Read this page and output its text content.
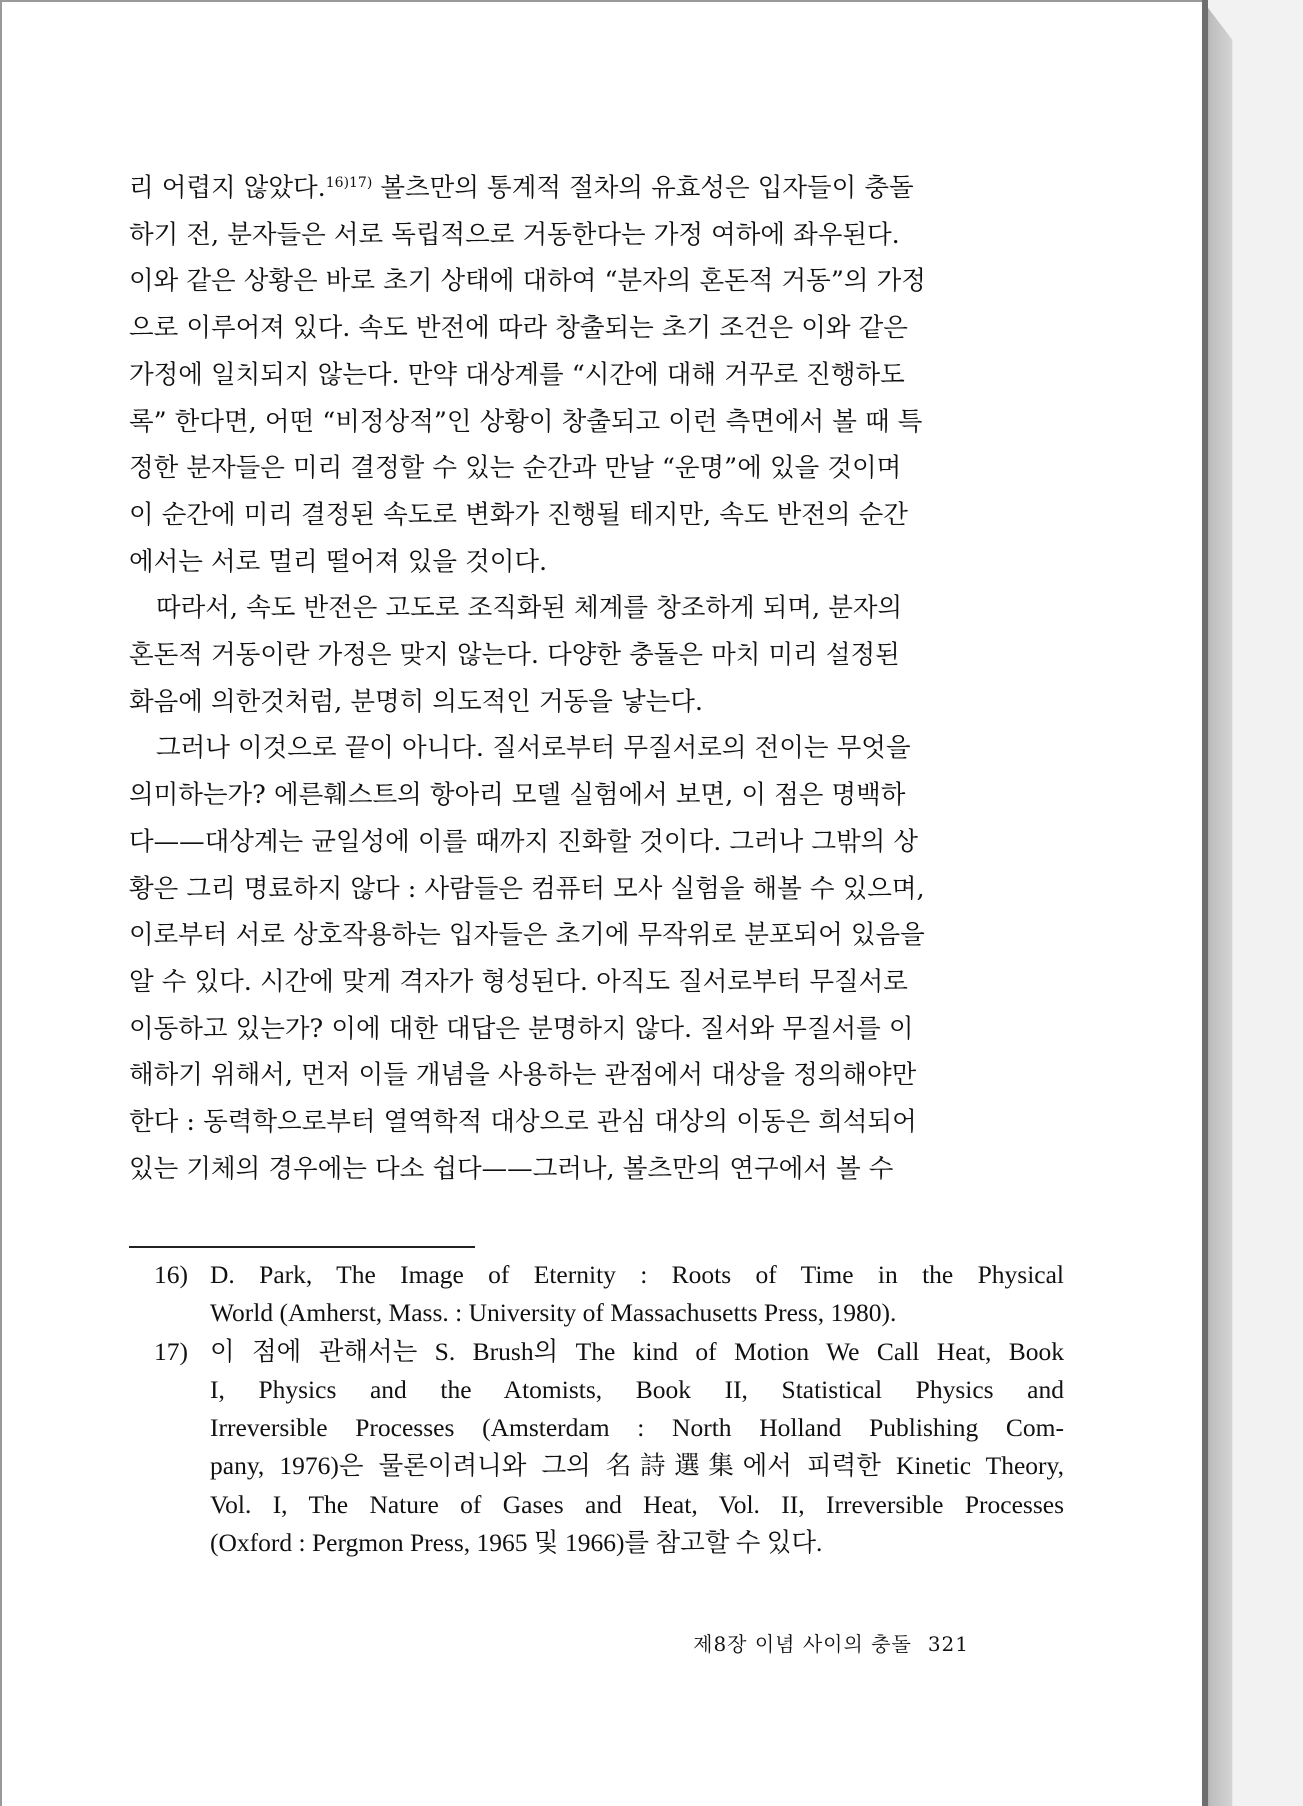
리 어렵지 않았다.$^{16)17)}$ 볼츠만의 통계적 절차의 유효성은 입자들이 충돌
하기 전, 분자들은 서로 독립적으로 거동한다는 가정 여하에 좌우된다.
이와 같은 상황은 바로 초기 상태에 대하여 “분자의 혼돈적 거동”의 가정
으로 이루어져 있다. 속도 반전에 따라 창출되는 초기 조건은 이와 같은
가정에 일치되지 않는다. 만약 대상계를 “시간에 대해 거꾸로 진행하도
록” 한다면, 어떤 “비정상적”인 상황이 창출되고 이런 측면에서 볼 때 특
정한 분자들은 미리 결정할 수 있는 순간과 만날 “운명”에 있을 것이며
이 순간에 미리 결정된 속도로 변화가 진행될 테지만, 속도 반전의 순간
에서는 서로 멀리 떨어져 있을 것이다.

따라서, 속도 반전은 고도로 조직화된 체계를 창조하게 되며, 분자의
혼돈적 거동이란 가정은 맞지 않는다. 다양한 충돌은 마치 미리 설정된
화음에 의한것처럼, 분명히 의도적인 거동을 낳는다.

그러나 이것으로 끝이 아니다. 질서로부터 무질서로의 전이는 무엇을
의미하는가? 에른훼스트의 항아리 모델 실험에서 보면, 이 점은 명백하
다——대상계는 균일성에 이를 때까지 진화할 것이다. 그러나 그밖의 상
황은 그리 명료하지 않다 : 사람들은 컴퓨터 모사 실험을 해볼 수 있으며,
이로부터 서로 상호작용하는 입자들은 초기에 무작위로 분포되어 있음을
알 수 있다. 시간에 맞게 격자가 형성된다. 아직도 질서로부터 무질서로
이동하고 있는가? 이에 대한 대답은 분명하지 않다. 질서와 무질서를 이
해하기 위해서, 먼저 이들 개념을 사용하는 관점에서 대상을 정의해야만
한다 : 동력학으로부터 열역학적 대상으로 관심 대상의 이동은 희석되어
있는 기체의 경우에는 다소 쉽다——그러나, 볼츠만의 연구에서 볼 수

16) D. Park, The Image of Eternity : Roots of Time in the Physical
World (Amherst, Mass. : University of Massachusetts Press, 1980).
17) 이 점에 관해서는 S. Brush의 The kind of Motion We Call Heat, Book
I, Physics and the Atomists, Book II, Statistical Physics and
Irreversible Processes (Amsterdam : North Holland Publishing Com-
pany, 1976)은 물론이려니와 그의 名詩選集에서 피력한 Kinetic Theory,
Vol. I, The Nature of Gases and Heat, Vol. II, Irreversible Processes
(Oxford : Pergmon Press, 1965 및 1966)를 참고할 수 있다.
제8장 이념 사이의 충돌 321
